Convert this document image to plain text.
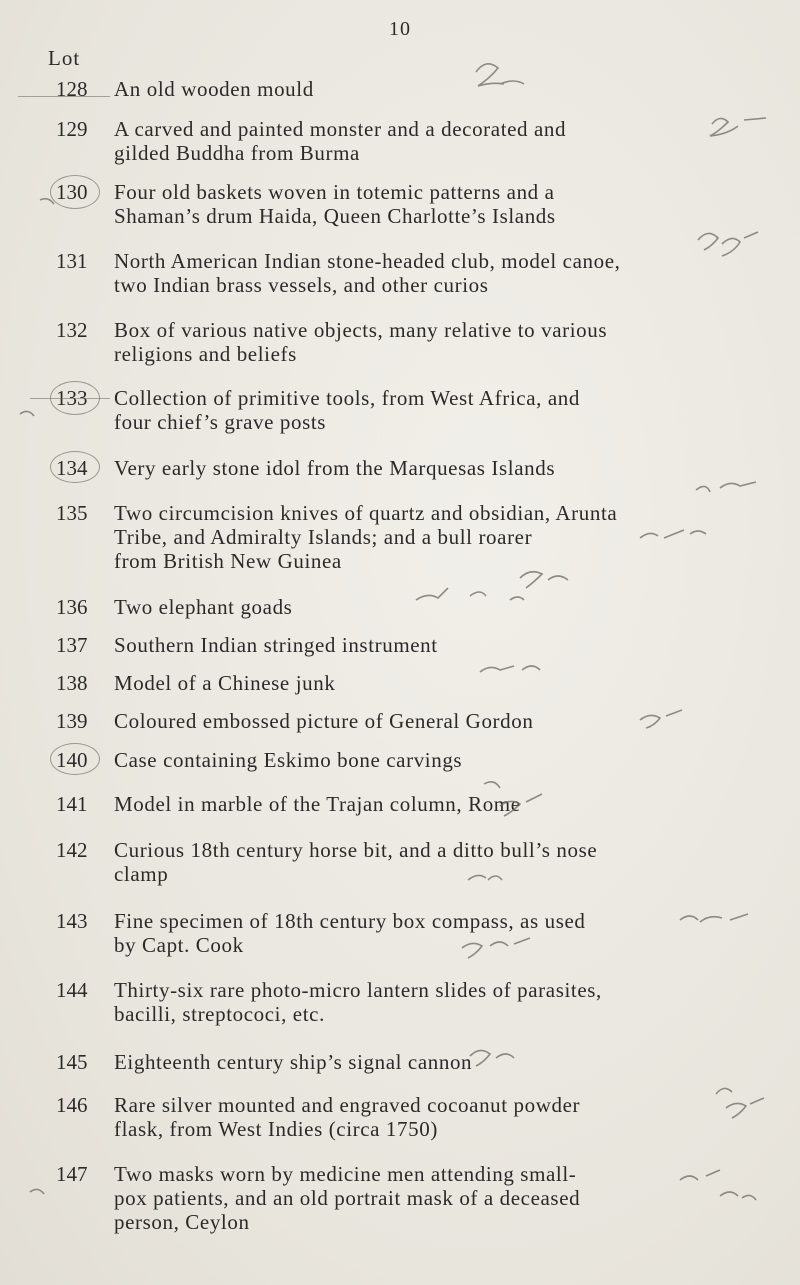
10
Lot
128	An old wooden mould
129	A carved and painted monster and a decorated and
gilded Buddha from Burma
130	Four old baskets woven in totemic patterns and a
Shaman’s drum Haida, Queen Charlotte’s Islands
131	North American Indian stone-headed club, model canoe,
two Indian brass vessels, and other curios
132	Box of various native objects, many relative to various
religions and beliefs
133	Collection of primitive tools, from West Africa, and
four chief’s grave posts
134	Very early stone idol from the Marquesas Islands
135	Two circumcision knives of quartz and obsidian, Arunta
Tribe, and Admiralty Islands; and a bull roarer
from British New Guinea
136	Two elephant goads
137	Southern Indian stringed instrument
138	Model of a Chinese junk
139	Coloured embossed picture of General Gordon
140	Case containing Eskimo bone carvings
141	Model in marble of the Trajan column, Rome
142	Curious 18th century horse bit, and a ditto bull’s nose
clamp
143	Fine specimen of 18th century box compass, as used
by Capt. Cook
144	Thirty-six rare photo-micro lantern slides of parasites,
bacilli, streptococi, etc.
145	Eighteenth century ship’s signal cannon
146	Rare silver mounted and engraved cocoanut powder
flask, from West Indies (circa 1750)
147	Two masks worn by medicine men attending small-
pox patients, and an old portrait mask of a deceased
person, Ceylon
